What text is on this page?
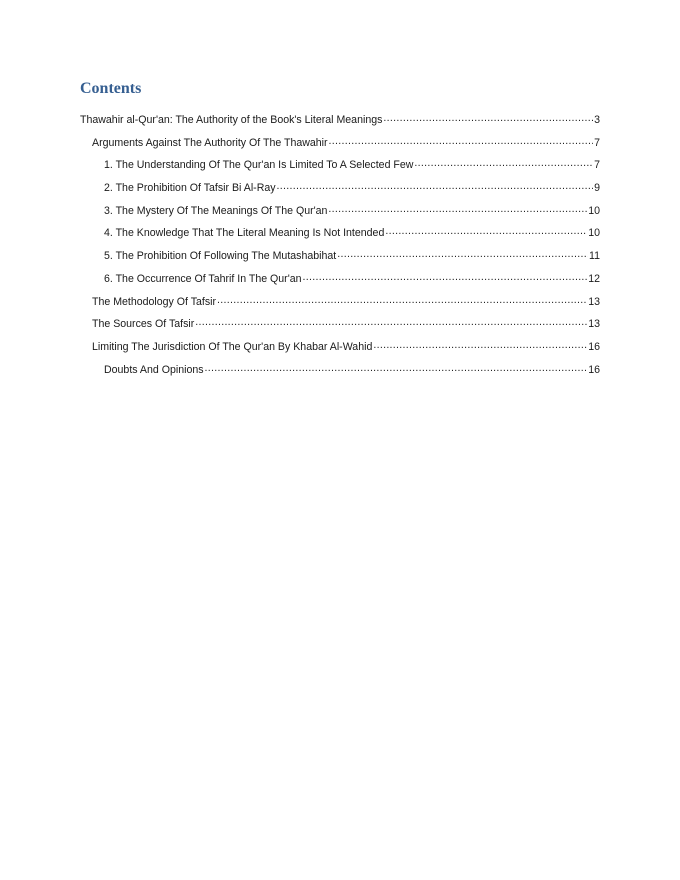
Contents
Thawahir al-Qur'an: The Authority of the Book's Literal Meanings .....	3
Arguments Against The Authority Of The Thawahir .....	7
1. The Understanding Of The Qur'an Is Limited To A Selected Few .....	7
2. The Prohibition Of Tafsir Bi Al-Ray .....	9
3. The Mystery Of The Meanings Of The Qur'an .....	10
4. The Knowledge That The Literal Meaning Is Not Intended .....	10
5. The Prohibition Of Following The Mutashabihat .....	11
6. The Occurrence Of Tahrif In The Qur'an .....	12
The Methodology Of Tafsir .....	13
The Sources Of Tafsir .....	13
Limiting The Jurisdiction Of The Qur'an By Khabar Al-Wahid .....	16
Doubts And Opinions .....	16
